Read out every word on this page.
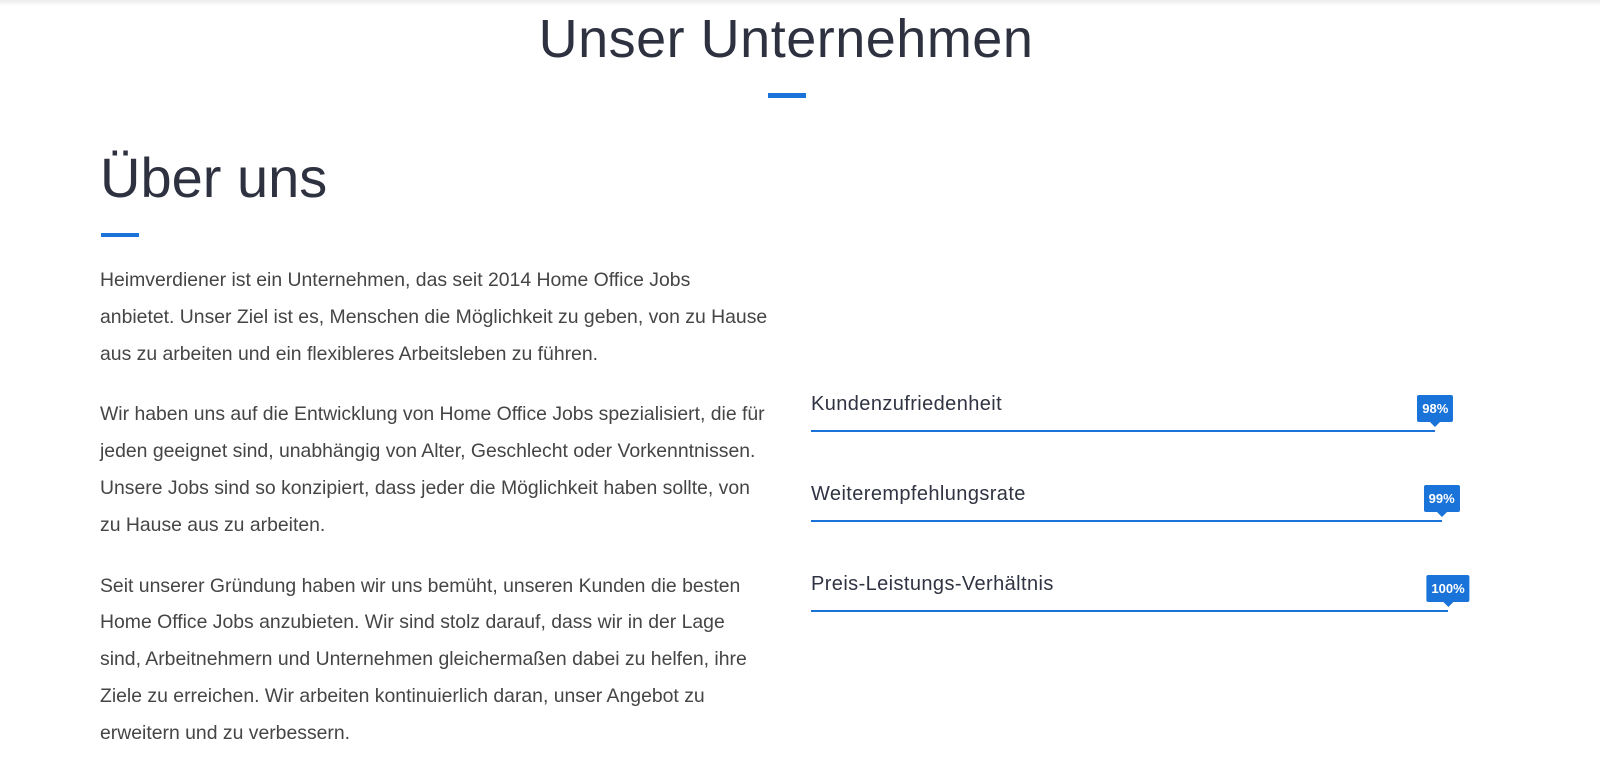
Unser Unternehmen
Über uns

Heimverdiener ist ein Unternehmen, das seit 2014 Home Office Jobs anbietet. Unser Ziel ist es, Menschen die Möglichkeit zu geben, von zu Hause aus zu arbeiten und ein flexibleres Arbeitsleben zu führen.

Wir haben uns auf die Entwicklung von Home Office Jobs spezialisiert, die für jeden geeignet sind, unabhängig von Alter, Geschlecht oder Vorkenntnissen. Unsere Jobs sind so konzipiert, dass jeder die Möglichkeit haben sollte, von zu Hause aus zu arbeiten.

Seit unserer Gründung haben wir uns bemüht, unseren Kunden die besten Home Office Jobs anzubieten. Wir sind stolz darauf, dass wir in der Lage sind, Arbeitnehmern und Unternehmen gleichermaßen dabei zu helfen, ihre Ziele zu erreichen. Wir arbeiten kontinuierlich daran, unser Angebot zu erweitern und zu verbessern.

Kundenzufriedenheit	98%
Weiterempfehlungsrate	99%
Preis-Leistungs-Verhältnis	100%
